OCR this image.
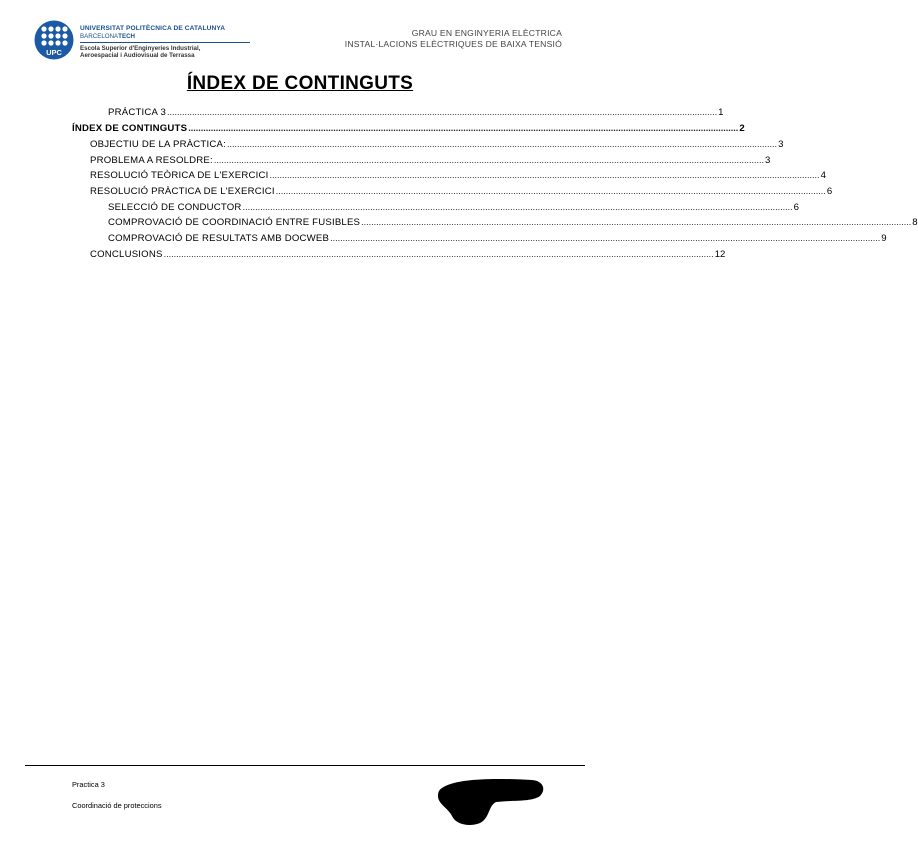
UPC
UNIVERSITAT POLITÈCNICA DE CATALUNYA
BARCELONATECH
Escola Superior d'Enginyeries Industrial,
Aeroespacial i Audiovisual de Terrassa
GRAU EN ENGINYERIA ELÈCTRICA
INSTAL·LACIONS ELÈCTRIQUES DE BAIXA TENSIÓ
ÍNDEX DE CONTINGUTS
PRÁCTICA 3 ............................................................................................................................................................................................................................ 1
ÍNDEX DE CONTINGUTS ............................................................................................................................................................................................................................ 2
OBJECTIU DE LA PRÀCTICA: ............................................................................................................................................................................................................................ 3
PROBLEMA A RESOLDRE: ............................................................................................................................................................................................................................ 3
RESOLUCIÓ TEÒRICA DE L'EXERCICI ............................................................................................................................................................................................................................ 4
RESOLUCIÓ PRÀCTICA DE L'EXERCICI ............................................................................................................................................................................................................................ 6
SELECCIÓ DE CONDUCTOR ............................................................................................................................................................................................................................ 6
COMPROVACIÓ DE COORDINACIÓ ENTRE FUSIBLES ............................................................................................................................................................................................................................ 8
COMPROVACIÓ DE RESULTATS AMB DOCWEB ............................................................................................................................................................................................................................ 9
CONCLUSIONS ............................................................................................................................................................................................................................ 12
Practica 3
Coordinació de proteccions
